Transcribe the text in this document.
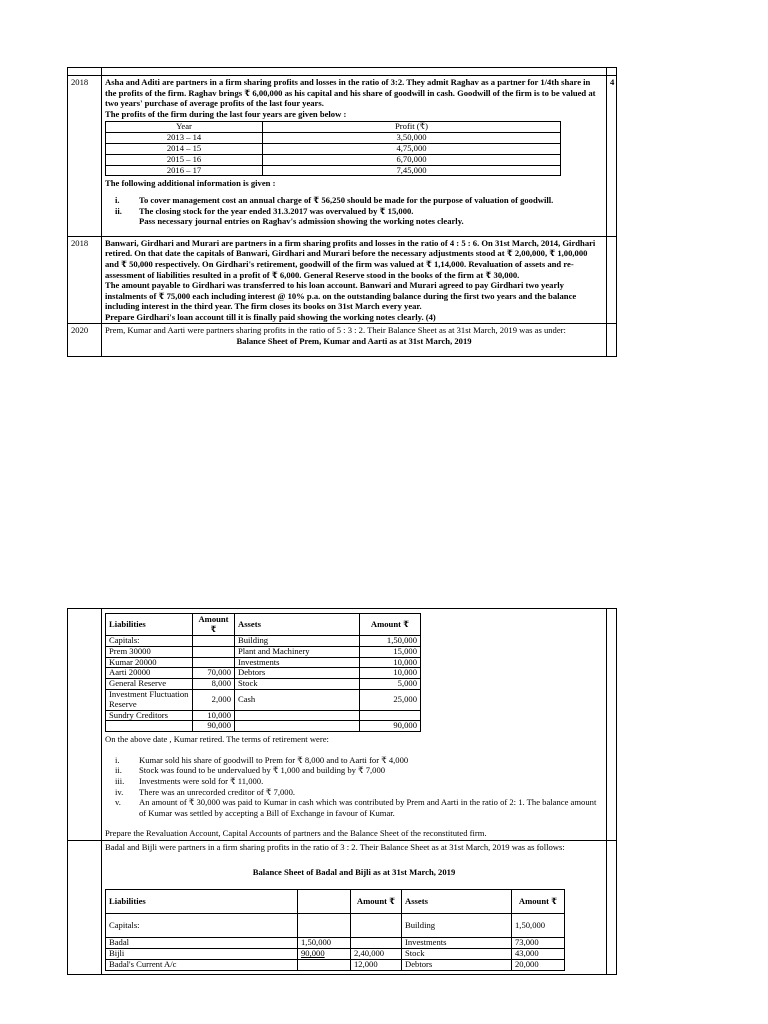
2018	Asha and Aditi are partners in a firm sharing profits and losses in the ratio of 3:2. They admit Raghav as a partner for 1/4th share in the profits of the firm. Raghav brings ₹ 6,00,000 as his capital and his share of goodwill in cash. Goodwill of the firm is to be valued at two years' purchase of average profits of the last four years.

The profits of the firm during the last four years are given below :

Year	Profit (₹)
2013 – 14	3,50,000
2014 – 15	4,75,000
2015 – 16	6,70,000
2016 – 17	7,45,000

The following additional information is given :

i. To cover management cost an annual charge of ₹ 56,250 should be made for the purpose of valuation of goodwill.
ii. The closing stock for the year ended 31.3.2017 was overvalued by ₹ 15,000.
Pass necessary journal entries on Raghav's admission showing the working notes clearly.
	4
2018	Banwari, Girdhari and Murari are partners in a firm sharing profits and losses in the ratio of 4 : 5 : 6. On 31st March, 2014, Girdhari retired. On that date the capitals of Banwari, Girdhari and Murari before the necessary adjustments stood at ₹ 2,00,000, ₹ 1,00,000 and ₹ 50,000 respectively. On Girdhari's retirement, goodwill of the firm was valued at ₹ 1,14,000. Revaluation of assets and re-assessment of liabilities resulted in a profit of ₹ 6,000. General Reserve stood in the books of the firm at ₹ 30,000.

The amount payable to Girdhari was transferred to his loan account. Banwari and Murari agreed to pay Girdhari two yearly instalments of ₹ 75,000 each including interest @ 10% p.a. on the outstanding balance during the first two years and the balance including interest in the third year. The firm closes its books on 31st March every year.

Prepare Girdhari's loan account till it is finally paid showing the working notes clearly. (4)

2020	Prem, Kumar and Aarti were partners sharing profits in the ratio of 5 : 3 : 2. Their Balance Sheet as at 31st March, 2019 was as under:

Balance Sheet of Prem, Kumar and Aarti as at 31st March, 2019

Liabilities	Amount ₹	Assets	Amount ₹
Capitals:		Building	1,50,000
Prem 30000		Plant and Machinery	15,000
Kumar 20000		Investments	10,000
Aarti 20000	70,000	Debtors	10,000
General Reserve	8,000	Stock	5,000
Investment Fluctuation Reserve	2,000	Cash	25,000
Sundry Creditors	10,000		
	90,000		90,000

On the above date , Kumar retired. The terms of retirement were:

i. Kumar sold his share of goodwill to Prem for ₹ 8,000 and to Aarti for ₹ 4,000
ii. Stock was found to be undervalued by ₹ 1,000 and building by ₹ 7,000
iii. Investments were sold for ₹ 11,000.
iv. There was an unrecorded creditor of ₹ 7,000.
v. An amount of ₹ 30,000 was paid to Kumar in cash which was contributed by Prem and Aarti in the ratio of 2: 1. The balance amount of Kumar was settled by accepting a Bill of Exchange in favour of Kumar.

Prepare the Revaluation Account, Capital Accounts of partners and the Balance Sheet of the reconstituted firm.

Badal and Bijli were partners in a firm sharing profits in the ratio of 3 : 2. Their Balance Sheet as at 31st March, 2019 was as follows:

Balance Sheet of Badal and Bijli as at 31st March, 2019

Liabilities		Amount ₹	Assets	Amount ₹
Capitals:			Building	1,50,000
Badal	1,50,000		Investments	73,000
Bijli	90,000	2,40,000	Stock	43,000
Badal's Current A/c		12,000	Debtors	20,000
